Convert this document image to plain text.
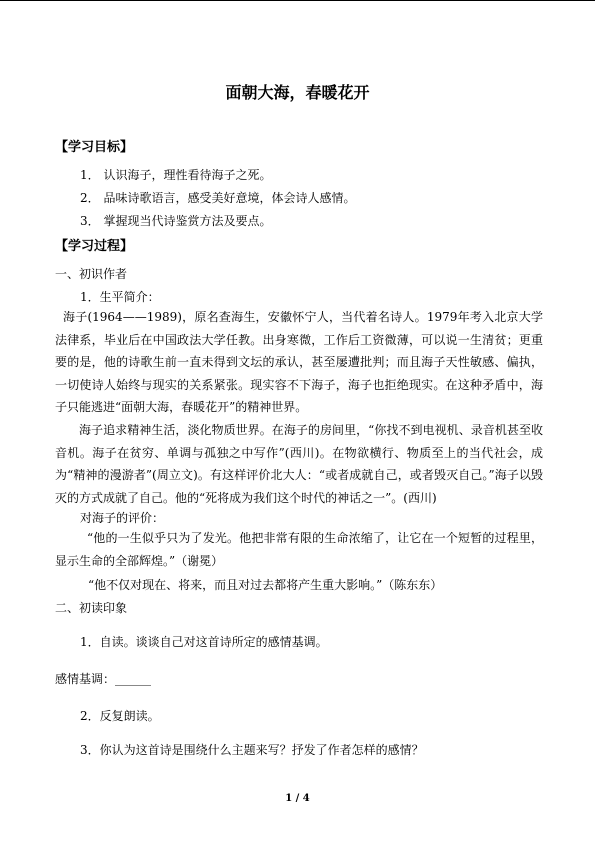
面朝大海，春暖花开
【学习目标】
1． 认识海子，理性看待海子之死。
2． 品味诗歌语言，感受美好意境，体会诗人感情。
3． 掌握现当代诗鉴赏方法及要点。
【学习过程】
一、初识作者
1．生平简介：
海子(1964——1989)，原名查海生，安徽怀宁人，当代着名诗人。1979年考入北京大学法律系，毕业后在中国政法大学任教。出身寒微，工作后工资微薄，可以说一生清贫；更重要的是，他的诗歌生前一直未得到文坛的承认，甚至屡遭批判；而且海子天性敏感、偏执，一切使诗人始终与现实的关系紧张。现实容不下海子，海子也拒绝现实。在这种矛盾中，海子只能逃进“面朝大海，春暖花开”的精神世界。
海子追求精神生活，淡化物质世界。在海子的房间里，“你找不到电视机、录音机甚至收音机。海子在贫穷、单调与孤独之中写作”(西川)。在物欲横行、物质至上的当代社会，成为“精神的漫游者”(周立文)。有这样评价北大人：“或者成就自己，或者毁灭自己。”海子以毁灭的方式成就了自己。他的“死将成为我们这个时代的神话之一”。(西川)
对海子的评价：
“他的一生似乎只为了发光。他把非常有限的生命浓缩了，让它在一个短暂的过程里，显示生命的全部辉煌。”（谢冕）
“他不仅对现在、将来，而且对过去都将产生重大影响。”（陈东东）
二、初读印象
1．自读。谈谈自己对这首诗所定的感情基调。
感情基调：______
2．反复朗读。
3．你认为这首诗是围绕什么主题来写？抒发了作者怎样的感情？
1 / 4
